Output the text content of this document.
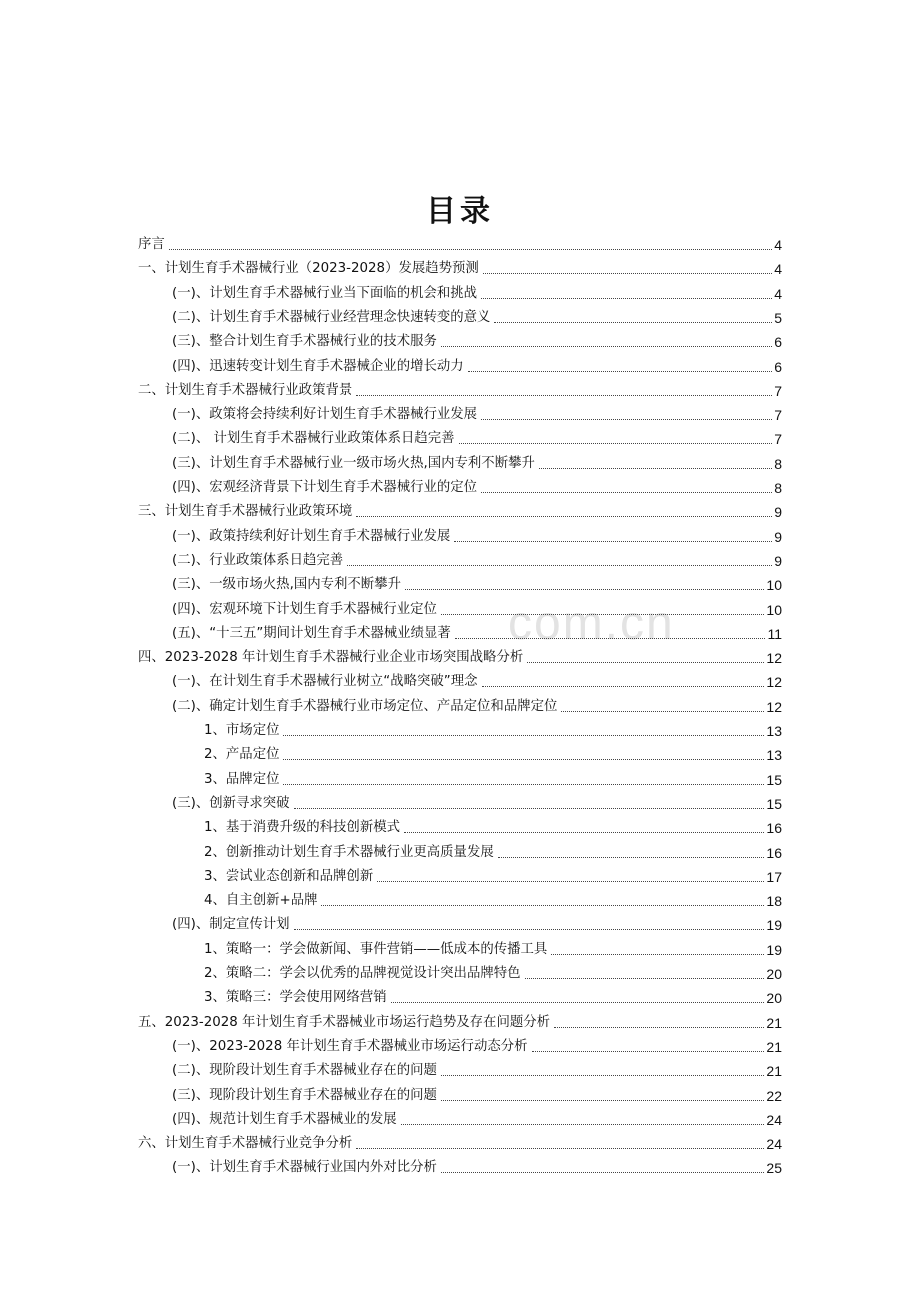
目录
com.cn
序言	4
一、计划生育手术器械行业（2023-2028）发展趋势预测	4
(一)、计划生育手术器械行业当下面临的机会和挑战	4
(二)、计划生育手术器械行业经营理念快速转变的意义	5
(三)、整合计划生育手术器械行业的技术服务	6
(四)、迅速转变计划生育手术器械企业的增长动力	6
二、计划生育手术器械行业政策背景	7
(一)、政策将会持续利好计划生育手术器械行业发展	7
(二)、 计划生育手术器械行业政策体系日趋完善	7
(三)、计划生育手术器械行业一级市场火热,国内专利不断攀升	8
(四)、宏观经济背景下计划生育手术器械行业的定位	8
三、计划生育手术器械行业政策环境	9
(一)、政策持续利好计划生育手术器械行业发展	9
(二)、行业政策体系日趋完善	9
(三)、一级市场火热,国内专利不断攀升	10
(四)、宏观环境下计划生育手术器械行业定位	10
(五)、“十三五”期间计划生育手术器械业绩显著	11
四、2023-2028 年计划生育手术器械行业企业市场突围战略分析	12
(一)、在计划生育手术器械行业树立“战略突破”理念	12
(二)、确定计划生育手术器械行业市场定位、产品定位和品牌定位	12
1、市场定位	13
2、产品定位	13
3、品牌定位	15
(三)、创新寻求突破	15
1、基于消费升级的科技创新模式	16
2、创新推动计划生育手术器械行业更高质量发展	16
3、尝试业态创新和品牌创新	17
4、自主创新+品牌	18
(四)、制定宣传计划	19
1、策略一：学会做新闻、事件营销——低成本的传播工具	19
2、策略二：学会以优秀的品牌视觉设计突出品牌特色	20
3、策略三：学会使用网络营销	20
五、2023-2028 年计划生育手术器械业市场运行趋势及存在问题分析	21
(一)、2023-2028 年计划生育手术器械业市场运行动态分析	21
(二)、现阶段计划生育手术器械业存在的问题	21
(三)、现阶段计划生育手术器械业存在的问题	22
(四)、规范计划生育手术器械业的发展	24
六、计划生育手术器械行业竞争分析	24
(一)、计划生育手术器械行业国内外对比分析	25
